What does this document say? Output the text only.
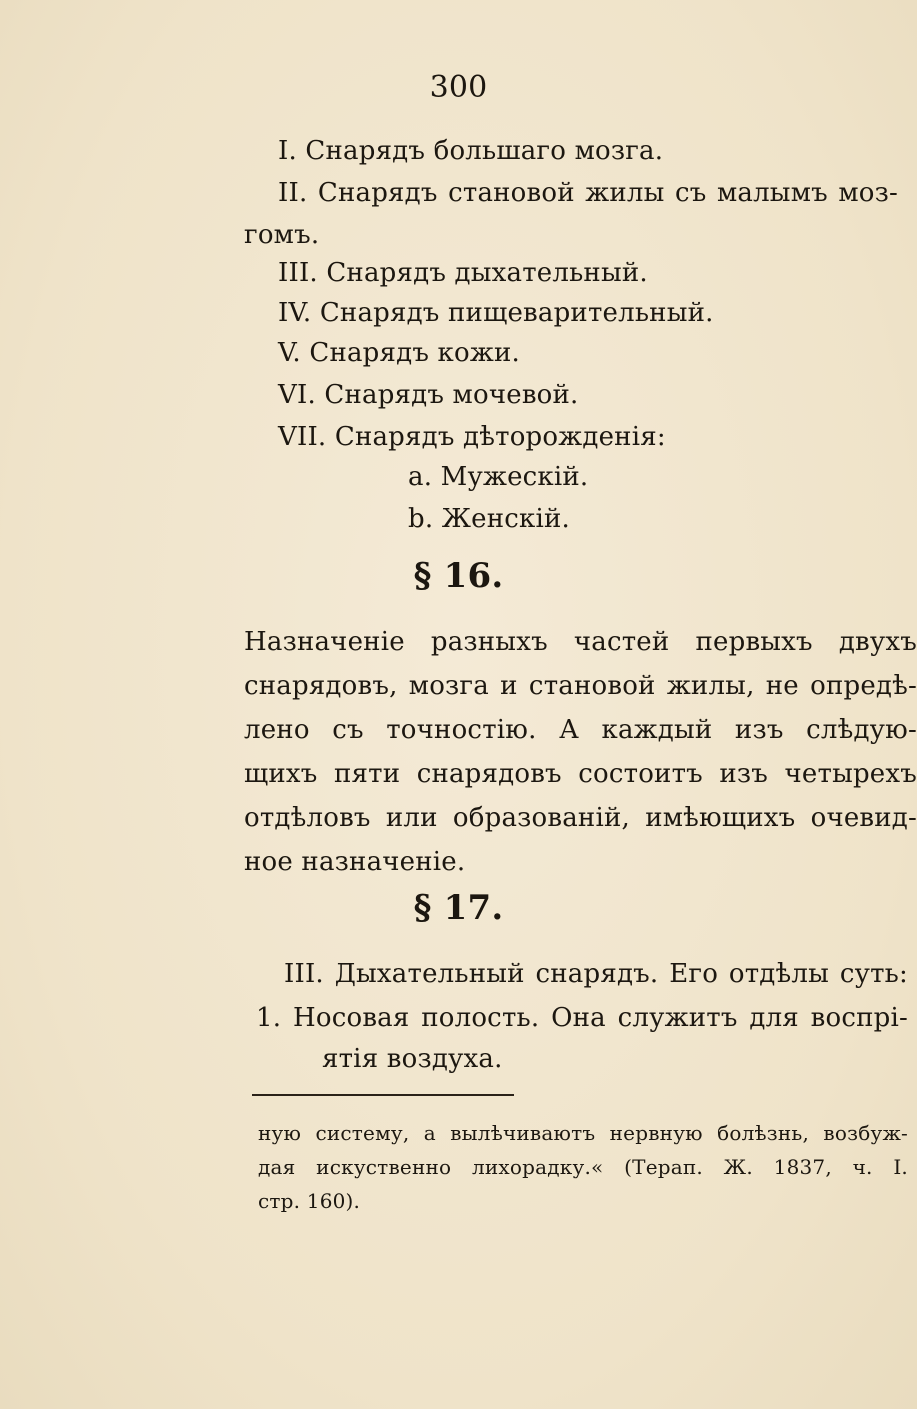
300
I. Снарядъ большаго мозга.
II. Снарядъ становой жилы съ малымъ моз-
гомъ.
III. Снарядъ дыхательный.
IV. Снарядъ пищеварительный.
V. Снарядъ кожи.
VI. Снарядъ мочевой.
VII. Снарядъ дѣторожденія:
a. Мужескій.
b. Женскій.
§ 16.
Назначеніе разныхъ частей первыхъ двухъ
снарядовъ, мозга и становой жилы, не опредѣ-
лено съ точностію. А каждый изъ слѣдую-
щихъ пяти снарядовъ состоитъ изъ четырехъ
отдѣловъ или образованій, имѣющихъ очевид-
ное назначеніе.
§ 17.
III. Дыхательный снарядъ. Его отдѣлы суть:
1. Носовая полость. Она служитъ для воспрі-
ятія воздуха.
ную систему, а вылѣчиваютъ нервную болѣзнь, возбуж-
дая искуственно лихорадку.« (Терап. Ж. 1837, ч. I.
стр. 160).
